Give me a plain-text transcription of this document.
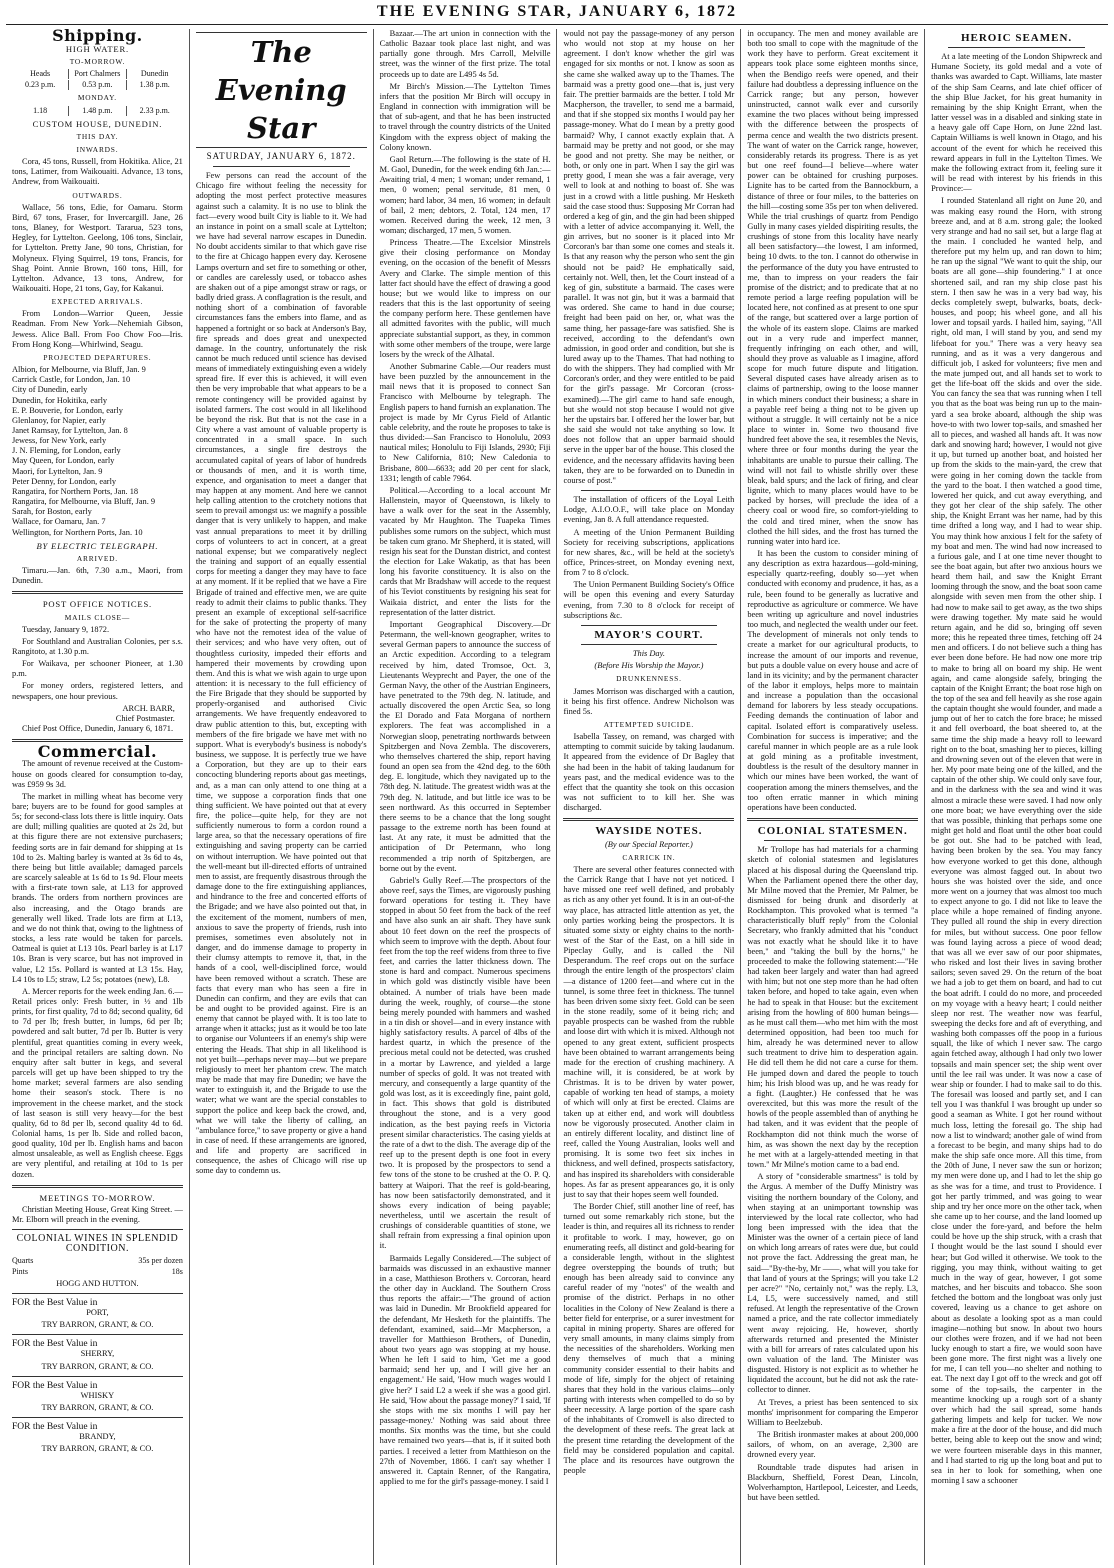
THE EVENING STAR, JANUARY 6, 1872
Shipping.
HIGH WATER.
TO-MORROW.
Heads	Port Chalmers	Dunedin
0.23 p.m.	0.53 p.m.	1.38 p.m.
MONDAY.
1.18	1.48 p.m.	2.33 p.m.
CUSTOM HOUSE, DUNEDIN.
THIS DAY.
INWARDS.

Cora, 45 tons, Russell, from Hokitika. Alice, 21 tons, Latimer, from Waikouaiti. Advance, 13 tons, Andrew, from Waikouaiti.

OUTWARDS.

Wallace, 56 tons, Edie, for Oamaru. Storm Bird, 67 tons, Fraser, for Invercargill. Jane, 26 tons, Blaney, for Westport. Tararua, 523 tons, Hegley, for Lyttelton. Geelong, 106 tons, Sinclair, for Lyttelton. Pretty Jane, 90 tons, Christian, for Molyneux. Flying Squirrel, 19 tons, Francis, for Shag Point. Annie Brown, 160 tons, Hill, for Lyttelton. Advance, 13 tons, Andrew, for Waikouaiti. Hope, 21 tons, Gay, for Kakanui.

EXPECTED ARRIVALS.

From London—Warrior Queen, Jessie Readman. From New York—Nehemiah Gibson, Jewess. Alice Ball. From Foo Chow Foo—Iris. From Hong Kong—Whirlwind, Seagu.

PROJECTED DEPARTURES.
Albion, for Melbourne, via Bluff, Jan. 9
Carrick Castle, for London, Jan. 10
City of Dunedin, early
Dunedin, for Hokitika, early
E. P. Bouverie, for London, early
Glenlanoy, for Napier, early
Janet Ramsay, for Lyttelton, Jan. 8
Jewess, for New York, early
J. N. Fleming, for London, early
May Queen, for London, early
Maori, for Lyttelton, Jan. 9
Peter Denny, for London, early
Rangatira, for Northern Ports, Jan. 18
Rangatira, for Melbourne, via Bluff, Jan. 9
Sarah, for Boston, early
Wallace, for Oamaru, Jan. 7
Wellington, for Northern Ports, Jan. 10
BY ELECTRIC TELEGRAPH.
ARRIVED.

Timaru.—Jan. 6th, 7.30 a.m., Maori, from Dunedin.

POST OFFICE NOTICES.
MAILS CLOSE—

Tuesday, January 9, 1872.

For Southland and Australian Colonies, per s.s. Rangitoto, at 1.30 p.m.

For Waikava, per schooner Pioneer, at 1.30 p.m.

For money orders, registered letters, and newspapers, one hour previous.

ARCH. BARR,
Chief Postmaster.

Chief Post Office, Dunedin, January 6, 1871.

Commercial.

The amount of revenue received at the Custom-house on goods cleared for consumption to-day, was £959 9s 3d.

The market in milling wheat has become very bare; buyers are to be found for good samples at 5s; for second-class lots there is little inquiry. Oats are dull; milling qualities are quoted at 2s 2d, but at this figure there are not extensive purchasers; feeding sorts are in fair demand for shipping at 1s 10d to 2s. Malting barley is wanted at 3s 6d to 4s, there being but little available; damaged parcels are scarcely saleable at 1s 6d to 1s 9d. Flour meets with a first-rate town sale, at L13 for approved brands. The orders from northern provinces are also increasing, and the Otago brands are generally well liked. Trade lots are firm at L13, and we do not think that, owing to the lightness of stocks, a less rate would be taken for parcels. Oatmeal is quiet at L13 10s. Pearl barley is at L17 10s. Bran is very scarce, but has not improved in value, L2 15s. Pollard is wanted at L3 15s. Hay, L4 10s to L5; straw, L2 5s; potatoes (new), L8.

A. Mercer reports for the week ending Jan. 6.—Retail prices only: Fresh butter, in ½ and 1lb prints, for first quality, 7d to 8d; second quality, 6d to 7d per lb; fresh butter, in lumps, 6d per lb; powdered and salt butter, 7d per lb. Butter is very plentiful, great quantities coming in every week, and the principal retailers are salting down. No enquiry after salt butter in kegs, and several parcels will get up have been shipped to try the home market; several farmers are also sending home their season's stock. There is no improvement in the cheese market, and the stock of last season is still very heavy—for the best quality, 6d to 8d per lb, second quality 4d to 6d. Colonial hams, 1s per lb. Side and rolled bacon, good quality, 10d per lb. English hams and bacon almost unsaleable, as well as English cheese. Eggs are very plentiful, and retailing at 10d to 1s per dozen.

MEETINGS TO-MORROW.

Christian Meeting House, Great King Street. —Mr. Elborn will preach in the evening.

COLONIAL WINES IN SPLENDID CONDITION.
Quarts	35s per dozen
Pints	18s
HOGG AND HUTTON.
FOR the Best Value in
PORT,
TRY BARRON, GRANT, & CO.
FOR the Best Value in
SHERRY,
TRY BARRON, GRANT, & CO.
FOR the Best Value in
WHISKY
TRY BARRON, GRANT, & CO.
FOR the Best Value in
BRANDY,
TRY BARRON, GRANT, & CO.
The Evening Star
SATURDAY, JANUARY 6, 1872.

Few persons can read the account of the Chicago fire without feeling the necessity for adopting the most perfect protective measures against such a calamity. It is no use to blink the fact—every wood built City is liable to it. We had an instance in point on a small scale at Lyttelton; we have had several narrow escapes in Dunedin. No doubt accidents similar to that which gave rise to the fire at Chicago happen every day. Kerosene Lamps overturn and set fire to something or other, or candles are carelessly used, or tobacco ashes are shaken out of a pipe amongst straw or rags, or badly dried grass. A conflagration is the result, and nothing short of a combination of favorable circumstances fans the embers into flame, and as happened a fortnight or so back at Anderson's Bay, fire spreads and does great and unexpected damage. In the country, unfortunately the risk cannot be much reduced until science has devised means of immediately extinguishing even a widely spread fire. If ever this is achieved, it will even then be very improbable that what appears to be a remote contingency will be provided against by isolated farmers. The cost would in all likelihood be beyond the risk. But that is not the case in a City where a vast amount of valuable property is concentrated in a small space. In such circumstances, a single fire destroys the accumulated capital of years of labor of hundreds or thousands of men, and it is worth time, expence, and organisation to meet a danger that may happen at any moment. And here we cannot help calling attention to the crotchety notions that seem to prevail amongst us: we magnify a possible danger that is very unlikely to happen, and make vast annual preparations to meet it by drilling corps of volunteers to act in concert, at a great national expense; but we comparatively neglect the training and support of an equally essential corps for meeting a danger they may have to face at any moment. If it be replied that we have a Fire Brigade of trained and effective men, we are quite ready to admit their claims to public thanks. They present an example of exceptional self-sacrifice for the sake of protecting the property of many who have not the remotest idea of the value of their services; and who have very often, out of thoughtless curiosity, impeded their efforts and hampered their movements by crowding upon them. And this is what we wish again to urge upon attention: it is necessary to the full efficiency of the Fire Brigade that they should be supported by properly-organised and authorised Civic arrangements. We have frequently endeavored to draw public attention to this, but, excepting with members of the fire brigade we have met with no support. What is everybody's business is nobody's business, we suppose. It is perfectly true we have a Corporation, but they are up to their ears concocting blundering reports about gas meetings, and, as a man can only attend to one thing at a time, we suppose a corporation finds that one thing sufficient. We have pointed out that at every fire, the police—quite help, for they are not sufficiently numerous to form a cordon round a large area, so that the necessary operations of fire extinguishing and saving property can be carried on without interruption. We have pointed out that the well-meant but ill-directed efforts of untrained men to assist, are frequently disastrous through the damage done to the fire extinguishing appliances, and hindrance to the free and concerted efforts of the Brigade; and we have also pointed out that, in the excitement of the moment, numbers of men, anxious to save the property of friends, rush into premises, sometimes even absolutely not in danger, and do immense damage to property in their clumsy attempts to remove it, that, in the hands of a cool, well-disciplined force, would have been removed without a scratch. These are facts that every man who has seen a fire in Dunedin can confirm, and they are evils that can be and ought to be provided against. Fire is an enemy that cannot be played with. It is too late to arrange when it attacks; just as it would be too late to organise our Volunteers if an enemy's ship were entering the Heads. That ship in all likelihood is not yet built—perhaps never may—but we prepare religiously to meet her phantom crew. The match may be made that may fire Dunedin; we have the water to extinguish it, and the Brigade to use the water; what we want are the special constables to support the police and keep back the crowd, and, what we will take the liberty of calling, an "ambulance force," to save property or give a hand in case of need. If these arrangements are ignored, and life and property are sacrificed in consequence, the ashes of Chicago will rise up some day to condemn us.

Bazaar.—The art union in connection with the Catholic Bazaar took place last night, and was partially gone through. Mrs Carroll, Melville street, was the winner of the first prize. The total proceeds up to date are L495 4s 5d.

Mr Birch's Mission.—The Lyttelton Times infers that the position Mr Birch will occupy in England in connection with immigration will be that of sub-agent, and that he has been instructed to travel through the country districts of the United Kingdom with the express object of making the Colony known.

Gaol Return.—The following is the state of H. M. Gaol, Dunedin, for the week ending 6th Jan.:—Awaiting trial, 4 men; 1 woman; under remand, 1 men, 0 women; penal servitude, 81 men, 0 women; hard labor, 34 men, 16 women; in default of bail, 2 men; debtors, 2. Total, 124 men, 17 women. Received during the week, 12 men, 3 woman; discharged, 17 men, 5 women.

Princess Theatre.—The Excelsior Minstrels give their closing performance on Monday evening, on the occasion of the benefit of Messrs Avery and Clarke. The simple mention of this latter fact should have the effect of drawing a good house; but we would like to impress on our readers that this is the last opportunity of seeing the company perform here. These gentlemen have all admitted favorites with the public, will much appreciate substantial support, as they, in common with some other members of the troupe, were large losers by the wreck of the Alhatal.

Another Submarine Cable.—Our readers must have been puzzled by the announcement in the mail news that it is proposed to connect San Francisco with Melbourne by telegraph. The English papers to hand furnish an explanation. The project is made by Mr Cyrus Field of Atlantic cable celebrity, and the route he proposes to take is thus divided:—San Francisco to Honolulu, 2093 nautical miles; Honolulu to Fiji Islands, 2930; Fiji to New California, 810; New Caledonia to Brisbane, 800—6633; add 20 per cent for slack, 1331; length of cable 7964.

Political.—According to a local account Mr Hallenstein, mayor of Queenstown, is likely to have a walk over for the seat in the Assembly, vacated by Mr Haughton. The Tuapeka Times publishes some rumors on the subject, which must be taken cum grano. Mr Shepherd, it is stated, will resign his seat for the Dunstan district, and contest the election for Lake Wakatip, as that has been long his favorite constituency. It is also on the cards that Mr Bradshaw will accede to the request of his Teviot constituents by resigning his seat for Waikaia district, and enter the lists for the representation of the latter district.

Important Geographical Discovery.—Dr Petermann, the well-known geographer, writes to several German papers to announce the success of an Arctic expedition. According to a telegram received by him, dated Tromsoe, Oct. 3, Lieutenants Weyprecht and Payer, the one of the German Navy, the other of the Austrian Engineers, have penetrated to the 79th deg. N. latitude, and actually discovered the open Arctic Sea, so long the El Dorado and Fata Morgana of northern explorers. The feat was accomplished in a Norwegian sloop, penetrating northwards between Spitzbergen and Nova Zembla. The discoverers, who themselves chartered the ship, report having found an open sea from the 42nd deg. to the 60th deg. E. longitude, which they navigated up to the 78th deg. N. latitude. The greatest width was at the 79th deg. N. latitude, and but little ice was to be seen northward. As this occurred in September there seems to be a chance that the long sought passage to the extreme north has been found at last. At any rate, it must be admitted that the anticipation of Dr Petermann, who long recommended a trip north of Spitzbergen, are borne out by the event.

Gabriel's Gully Reef.—The prospectors of the above reef, says the Times, are vigorously pushing forward operations for testing it. They have stopped in about 50 feet from the back of the reef and have also sunk an air shaft. They have sunk about 10 feet down on the reef the prospects of which seem to improve with the depth. About four feet from the top the reef widens from three to five feet, and carries the latter thickness down. The stone is hard and compact. Numerous specimens in which gold was distinctly visible have been obtained. A number of trials have been made during the week, roughly, of course—the stone being merely pounded with hammers and washed in a tin dish or shovel—and in every instance with highly satisfactory results. A parcel of 4lbs of the hardest quartz, in which the presence of the precious metal could not be detected, was crushed in a mortar by Lawrence, and yielded a large number of specks of gold. It was not treated with mercury, and consequently a large quantity of the gold was lost, as it is exceedingly fine, paint gold, in fact. This shows that gold is distributed throughout the stone, and is a very good indication, as the best paying reefs in Victoria present similar characteristics. The casing yields at the rate of a dwt to the dish. The average dip of the reef up to the present depth is one foot in every two. It is proposed by the prospectors to send a few tons of the stone to be crushed at the O. P. Q. battery at Waipori. That the reef is gold-bearing, has now been satisfactorily demonstrated, and it shows every indication of being payable; nevertheless, until we ascertain the result of crushings of considerable quantities of stone, we shall refrain from expressing a final opinion upon it.

Barmaids Legally Considered.—The subject of barmaids was discussed in an exhaustive manner in a case, Matthieson Brothers v. Corcoran, heard the other day in Auckland. The Southern Cross thus reports the affair:—"The ground of action was laid in Dunedin. Mr Brookfield appeared for the defendant, Mr Hesketh for the plaintiffs. The defendant, examined, said—Mr Macpherson, a traveller for Matthieson Brothers, of Dunedin, about two years ago was stopping at my house. When he left I said to him, 'Get me a good barmaid; send her up, and I will give her an engagement.' He said, 'How much wages would I give her?' I said L2 a week if she was a good girl. He said, 'How about the passage money?' I said, 'If she stops with me six months I will pay her passage-money.' Nothing was said about three months. Six months was the time, but she could have remained two years—that is, if it suited both parties. I received a letter from Matthieson on the 27th of November, 1866. I can't say whether I answered it. Captain Renner, of the Rangatira, applied to me for the girl's passage-money. I said I

would not pay the passage-money of any person who would not stop at my house on her agreement. I don't know whether the girl was engaged for six months or not. I know as soon as she came she walked away up to the Thames. The barmaid was a pretty good one—that is, just very fair. The prettier barmaids are the better. I told Mr Macpherson, the traveller, to send me a barmaid, and that if she stopped six months I would pay her passage-money. What do I mean by a pretty good barmaid? Why, I cannot exactly explain that. A barmaid may be pretty and not good, or she may be good and not pretty. She may be neither, or both, or only one in part. When I say the girl was pretty good, I mean she was a fair average, very well to look at and nothing to boast of. She was just in a crowd with a little pushing. Mr Hesketh said the case stood thus: Supposing Mr Corran had ordered a keg of gin, and the gin had been shipped with a letter of advice accompanying it. Well, the gin arrives, but no sooner is it placed into Mr Corcoran's bar than some one comes and steals it. Is that any reason why the person who sent the gin should not be paid? He emphatically said, certainly not. Well, then, let the Court instead of a keg of gin, substitute a barmaid. The cases were parallel. It was not gin, but it was a barmaid that was ordered. She came to hand in due course; freight had been paid on her, or, what was the same thing, her passage-fare was satisfied. She is received, according to the defendant's own admission, in good order and condition, but she is lured away up to the Thames. That had nothing to do with the shippers. They had complied with Mr Corcoran's order, and they were entitled to be paid for the girl's passage. Mr Corcoran (cross-examined).—The girl came to hand safe enough, but she would not stop because I would not give her the upstairs bar. I offered her the lower bar, but she said she would not take anything so low. It does not follow that an upper barmaid should serve in the upper bar of the house. This closed the evidence, and the necessary affidavits having been taken, they are to be forwarded on to Dunedin in course of post."

The installation of officers of the Loyal Leith Lodge, A.I.O.O.F., will take place on Monday evening, Jan 8. A full attendance requested.

A meeting of the Union Permanent Building Society for receiving subscriptions, applications for new shares, &c., will be held at the society's office, Princes-street, on Monday evening next, from 7 to 8 o'clock.

The Union Permanent Building Society's Office will be open this evening and every Saturday evening, from 7.30 to 8 o'clock for receipt of subscriptions &c.

MAYOR'S COURT.
This Day.
(Before His Worship the Mayor.)
DRUNKENNESS.

James Morrison was discharged with a caution, it being his first offence. Andrew Nicholson was fined 5s.

ATTEMPTED SUICIDE.

Isabella Tassey, on remand, was charged with attempting to commit suicide by taking laudanum. It appeared from the evidence of Dr Bagley that she had been in the habit of taking laudanum for years past, and the medical evidence was to the effect that the quantity she took on this occasion was not sufficient to to kill her. She was discharged.

WAYSIDE NOTES.
(By our Special Reporter.)
CARRICK IN.

There are several other features connected with the Carrick Range that I have not yet noticed. I have missed one reef well defined, and probably as rich as any other yet found. It is in an out-of-the way place, has attracted little attention as yet, the only parties working being the prospectors. It is situated some sixty or eighty chains to the north-west of the Star of the East, on a hill side in Pipeclay Gully, and is called the Nil Desperandum. The reef crops out on the surface through the entire length of the prospectors' claim—a distance of 1200 feet—and where cut in the tunnel, is some three feet in thickness. The tunnel has been driven some sixty feet. Gold can be seen in the stone readily, some of it being rich; and payable prospects can be washed from the rubble and loose dirt with which it is mixed. Although not opened to any great extent, sufficient prospects have been obtained to warrant arrangements being made for the erection of crushing machinery. A machine will, it is considered, be at work by Christmas. It is to be driven by water power, capable of working ten head of stamps, a moiety of which will only at first be erected. Claims are taken up at either end, and work will doubtless now be vigorously prosecuted. Another claim in an entirely different locality, and distinct line of reef, called the Young Australian, looks well and promising. It is some two feet six inches in thickness, and well defined, prospects satisfactory, and has inspired its shareholders with considerable hopes. As far as present appearances go, it is only just to say that their hopes seem well founded.

The Border Chief, still another line of reef, has turned out some remarkably rich stone, but the leader is thin, and requires all its richness to render it profitable to work. I may, however, go on enumerating reefs, all distinct and gold-bearing for a considerable length, without in the slightest degree overstepping the bounds of truth; but enough has been already said to convince any careful reader of my "notes" of the wealth and promise of the district. Perhaps in no other localities in the Colony of New Zealand is there a better field for enterprise, or a surer investment for capital in mining property. Shares are offered for very small amounts, in many claims simply from the necessities of the shareholders. Working men deny themselves of much that a mining community consider essential to their habits and mode of life, simply for the object of retaining shares that they hold in the various claims—only parting with interests when compelled to do so by sheer necessity. A large portion of the spare cash of the inhabitants of Cromwell is also directed to the development of these reefs. The great lack at the present time retarding the development of the field may be considered population and capital. The place and its resources have outgrown the people

in occupancy. The men and money available are both too small to cope with the magnitude of the work they have to perform. Great excitement it appears took place some eighteen months since, when the Bendigo reefs were opened, and their failure had doubtless a depressing influence on the Carrick range; but any person, however uninstructed, cannot walk ever and cursorily examine the two places without being impressed with the difference between the prospects of perma cence and wealth the two districts present. The want of water on the Carrick range, however, considerably retards its progress. There is as yet but one reef found—I believe—where water power can be obtained for crushing purposes. Lignite has to be carted from the Bannockburn, a distance of three or four miles, to the batteries on the hill—costing some 35s per ton when delivered. While the trial crushings of quartz from Pendigo Gully in many cases yielded dispiriting results, the crushings of stone from this locality have nearly all been satisfactory—the lowest, I am informed, being 10 dwts. to the ton. I cannot do otherwise in the performance of the duty you have entrusted to me, than to impress on your readers the fair promise of the district; and to predicate that at no remote period a large reefing population will be located here, not confined as at present to one spur of the range, but scattered over a large portion of the whole of its eastern slope. Claims are marked out in a very rude and imperfect manner, frequently infringing on each other, and will, should they prove as valuable as I imagine, afford scope for much future dispute and litigation. Several disputed cases have already arisen as to claims of partnership, owing to the loose manner in which miners conduct their business; a share in a payable reef being a thing not to be given up without a struggle. It will certainly not be a nice place to winter in. Some two thousand five hundred feet above the sea, it resembles the Nevis, where three or four months during the year the inhabitants are unable to pursue their calling. The wind will not fail to whistle shrilly over these bleak, bald spurs; and the lack of firing, and clear lignite, which to many places would have to be packed by horses, will preclude the idea of a cheery coal or wood fire, so comfort-yielding to the cold and tired miner, when the snow has clothed the hill sides, and the frost has turned the running water into hard ice.

It has been the custom to consider mining of any description as extra hazardous—gold-mining, especially quartz-reefing, doubly so—yet when conducted with economy and prudence, it has, as a rule, been found to be generally as lucrative and reproductive as agriculture or commerce. We have been writing up agriculture and novel industries too much, and neglected the wealth under our feet. The development of minerals not only tends to create a market for our agricultural products, to increase the amount of our imports and revenue, but puts a double value on every house and acre of land in its vicinity; and by the permanent character of the labor it employs, helps more to maintain and increase a population than the occasional demand for laborers by less steady occupations. Feeding demands the continuation of labor and capital. Isolated effort is comparatively useless. Combination for success is imperative; and the careful manner in which people are as a rule look at gold mining as a profitable investment, doubtless is the result of the desultory manner in which our mines have been worked, the want of cooperation among the miners themselves, and the too often erratic manner in which mining operations have been conducted.

COLONIAL STATESMEN.

Mr Trollope has had materials for a charming sketch of colonial statesmen and legislatures placed at his disposal during the Queensland trip. When the Parliament opened there the other day, Mr Milne moved that the Premier, Mr Palmer, be dismissed for being drunk and disorderly at Rockhampton. This provoked what is termed "a characteristically bluff reply" from the Colonial Secretary, who frankly admitted that his "conduct was not exactly what he should like it to have been," and "taking the bull by the horns," he proceeded to make the following statement:—"He had taken beer largely and water than had agreed with him; but not one step more than he had often taken before, and hoped to take again, even when he had to speak in that House: but the excitement arising from the howling of 800 human beings—as he must call them—who met him with the most determined opposition, had been too much for him, already he was determined never to allow such treatment to drive him to desperation again. He did tell them he did not care a curse for them. He jumped down and dared the people to touch him; his Irish blood was up, and he was ready for a fight. (Laughter.) He confessed that he was overexcited, but this was more the result of the howls of the people assembled than of anything he had taken, and it was evident that the people of Rockhampton did not think much the worse of him, as was shown the next day by the reception he met with at a largely-attended meeting in that town." Mr Milne's motion came to a bad end.

A story of "considerable smartness" is told by the Argus. A member of the Duffy Ministry was visiting the northern boundary of the Colony, and when staying at an unimportant township was interviewed by the local rate collector, who had long been impressed with the idea that the Minister was the owner of a certain piece of land on which long arrears of rates were due, but could not prove the fact. Addressing the great man, he said—"By-the-by, Mr ——, what will you take for that land of yours at the Springs; will you take L2 per acre?" "No, certainly not," was the reply. L3, L4, L5, were successively named, and still refused. At length the representative of the Crown named a price, and the rate collector immediately went away rejoicing. He, however, shortly afterwards returned and presented the Minister with a bill for arrears of rates calculated upon his own valuation of the land. The Minister was disgusted. History is not explicit as to whether he liquidated the account, but he did not ask the rate-collector to dinner.

At Treves, a priest has been sentenced to six months' imprisonment for comparing the Emperor William to Beelzebub.

The British ironmaster makes at about 200,000 sailors, of whom, on an average, 2,300 are drowned every year.

Roundtable trade disputes had arisen in Blackburn, Sheffield, Forest Dean, Lincoln, Wolverhampton, Hartlepool, Leicester, and Leeds, but have been settled.

HEROIC SEAMEN.

At a late meeting of the London Shipwreck and Humane Society, its gold medal and a vote of thanks was awarded to Capt. Williams, late master of the ship Sam Cearns, and late chief officer of the ship Blue Jacket, for his great humanity in remaining by the ship Knight Errant, when the latter vessel was in a disabled and sinking state in a heavy gale off Cape Horn, on June 22nd last. Captain Williams is well known in Otago, and his account of the event for which he received this reward appears in full in the Lyttelton Times. We make the following extract from it, feeling sure it will be read with interest by his friends in this Province:—

I rounded Statenland all right on June 20, and was making easy round the Horn, with strong breeze and, and at 8 a.m. strong gale; the looked very strange and had no sail set, but a large flag at the main. I concluded he wanted help, and therefore put my helm up, and ran down to him; he ran up the signal "We want to quit the ship, our boats are all gone—ship foundering." I at once shortened sail, and ran my ship close past his stern. I then saw he was in a very bad way, his decks completely swept, bulwarks, boats, deck-houses, and poop; his wheel gone, and all his lower and topsail yards. I hailed him, saying, "All right, old man, I will stand by you, and send my lifeboat for you." There was a very heavy sea running, and as it was a very dangerous and difficult job, I asked for volunteers; five men and the mate jumped out, and all hands set to work to get the life-boat off the skids and over the side. You can fancy the sea that was running when I tell you that as the boat was being run up to the main-yard a sea broke aboard, although the ship was hove-to with two lower top-sails, and smashed her all to pieces, and washed all hands aft. It was now dark and snowing hard; however, I would not give it up, but turned up another boat, and hoisted her up from the skids to the main-yard, the crew that were going in her coming down the tackle from the yard to the boat. I then watched a good time, lowered her quick, and cut away everything, and they got her clear of the ship safely. The other ship, the Knight Errant was her name, had by this time drifted a long way, and I had to wear ship. You may think how anxious I felt for the safety of my boat and men. The wind had now increased to a furious gale, and I at one time never thought to see the boat again, but after two anxious hours we heard them hail, and saw the Knight Errant looming through the snow, and the boat soon came alongside with seven men from the other ship. I had now to make sail to get away, as the two ships were drawing together. My mate said he would return again, and he did so, bringing off seven more; this he repeated three times, fetching off 24 men and officers. I do not believe such a thing has ever been done before. He had now one more trip to make to bring all on board my ship. He went again, and came alongside safely, bringing the captain of the Knight Errant; the boat rose high on the top of the sea and fell heavily as she rose again the captain thought she would founder, and made a jump out of her to catch the fore brace; he missed it and fell overboard, the boat sheered to, at the same time the ship made a heavy roll to leeward right on to the boat, smashing her to pieces, killing and drowning seven out of the eleven that were in her. My poor mate being one of the killed, and the captain of the other ship. We could only save four, and in the darkness with the sea and wind it was almost a miracle these were saved. I had now only one more boat; we have everything over the side that was possible, thinking that perhaps some one might get hold and float until the other boat could be got out. She had to be patched with lead, having been broken by the sea. You may fancy how everyone worked to get this done, although everyone was almost fagged out. In about two hours she was hoisted over the side, and once more went on a journey that was almost too much to expect anyone to go. I did not like to leave the place while a hope remained of finding anyone. They pulled all round the ship in every direction for miles, but without success. One poor fellow was found laying across a piece of wood dead; that was all we ever saw of our poor shipmates, who risked and lost their lives in saving brother sailors; seven saved 29. On the return of the boat we had a job to get them on board, and had to cut the boat adrift. I could do no more, and proceeded on my voyage with a heavy heart; I could neither sleep nor rest. The weather now was fearful, sweeping the decks fore and aft of everything, and washing both compasses off the poop in a furious squall, the like of which I never saw. The cargo again fetched away, although I had only two lower topsails and main spencer set; the ship went over until the lee rail was under. It was now a case of wear ship or founder. I had to make sail to do this. The foresail was loosed and partly set, and I can tell you I was thankful I was brought up under so good a seaman as White. I got her round without much loss, letting the foresail go. The ship had now a list to windward; another gale of wind from a forecast to be begin, and many ships had to do make the ship safe once more. All this time, from the 20th of June, I never saw the sun or horizon; my men were done up, and I had to let the ship go as she was for a time, and trust to Providence. I got her partly trimmed, and was going to wear ship and try her once more on the other tack, when she came up to her course, and the land loomed up close under the fore-yard, and before the helm could be hove up the ship struck, with a crash that I thought would be the last sound I should ever hear; but God willed it otherwise. We took to the rigging, you may think, without waiting to get much in the way of gear, however, I got some matches, and her biscuits and tobacco. She soon fetched the bottom and the longboat was only just covered, leaving us a chance to get ashore on about as desolate a looking spot as a man could imagine—nothing but snow. In about two hours our clothes were frozen, and if we had not been lucky enough to start a fire, we would soon have been gone more. The first night was a lively one for me, I can tell you—no shelter and nothing to eat. The next day I got off to the wreck and got off some of the top-sails, the carpenter in the meantime knocking up a rough sort of a shanty over which had the sail spread, some hands gathering limpets and kelp for tucker. We now make a fire at the door of the house, and did much better, being able to keep out the snow and wind; we were fourteen miserable days in this manner, and I had started to rig up the long boat and put to sea in her to look for something, when one morning I saw a schooner
